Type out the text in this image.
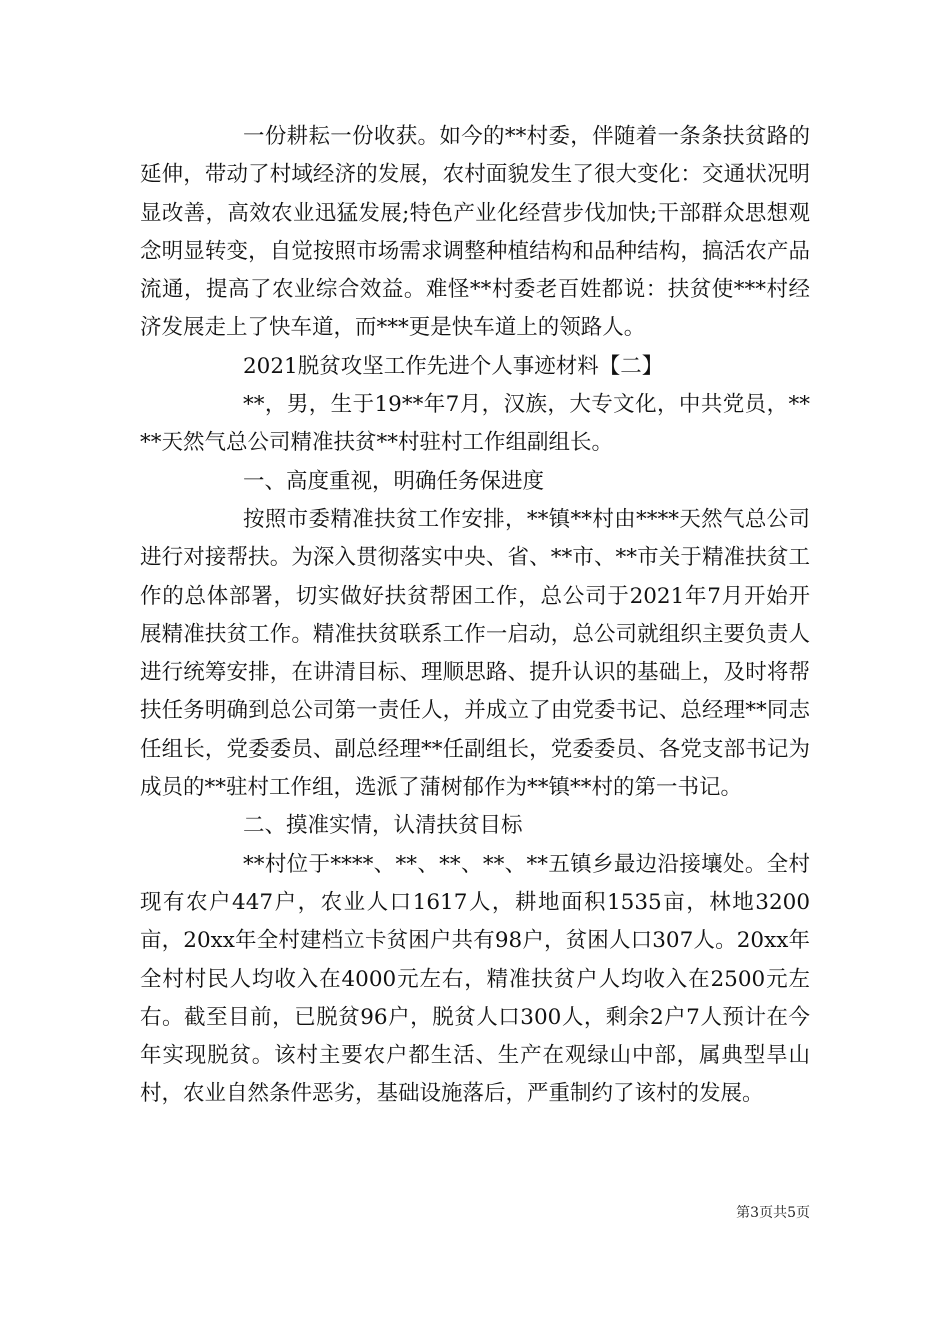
一份耕耘一份收获。如今的**村委，伴随着一条条扶贫路的延伸，带动了村域经济的发展，农村面貌发生了很大变化：交通状况明显改善，高效农业迅猛发展;特色产业化经营步伐加快;干部群众思想观念明显转变，自觉按照市场需求调整种植结构和品种结构，搞活农产品流通，提高了农业综合效益。难怪**村委老百姓都说：扶贫使***村经济发展走上了快车道，而***更是快车道上的领路人。

2021脱贫攻坚工作先进个人事迹材料【二】

**，男，生于19**年7月，汉族，大专文化，中共党员，****天然气总公司精准扶贫**村驻村工作组副组长。

一、高度重视，明确任务保进度

按照市委精准扶贫工作安排，**镇**村由****天然气总公司进行对接帮扶。为深入贯彻落实中央、省、**市、**市关于精准扶贫工作的总体部署，切实做好扶贫帮困工作，总公司于2021年7月开始开展精准扶贫工作。精准扶贫联系工作一启动，总公司就组织主要负责人进行统筹安排，在讲清目标、理顺思路、提升认识的基础上，及时将帮扶任务明确到总公司第一责任人，并成立了由党委书记、总经理**同志任组长，党委委员、副总经理**任副组长，党委委员、各党支部书记为成员的**驻村工作组，选派了蒲树郁作为**镇**村的第一书记。

二、摸准实情，认清扶贫目标

**村位于****、**、**、**、**五镇乡最边沿接壤处。全村现有农户447户，农业人口1617人，耕地面积1535亩，林地3200亩，20xx年全村建档立卡贫困户共有98户，贫困人口307人。20xx年全村村民人均收入在4000元左右，精准扶贫户人均收入在2500元左右。截至目前，已脱贫96户，脱贫人口300人，剩余2户7人预计在今年实现脱贫。该村主要农户都生活、生产在观绿山中部，属典型旱山村，农业自然条件恶劣，基础设施落后，严重制约了该村的发展。

第3页共5页
